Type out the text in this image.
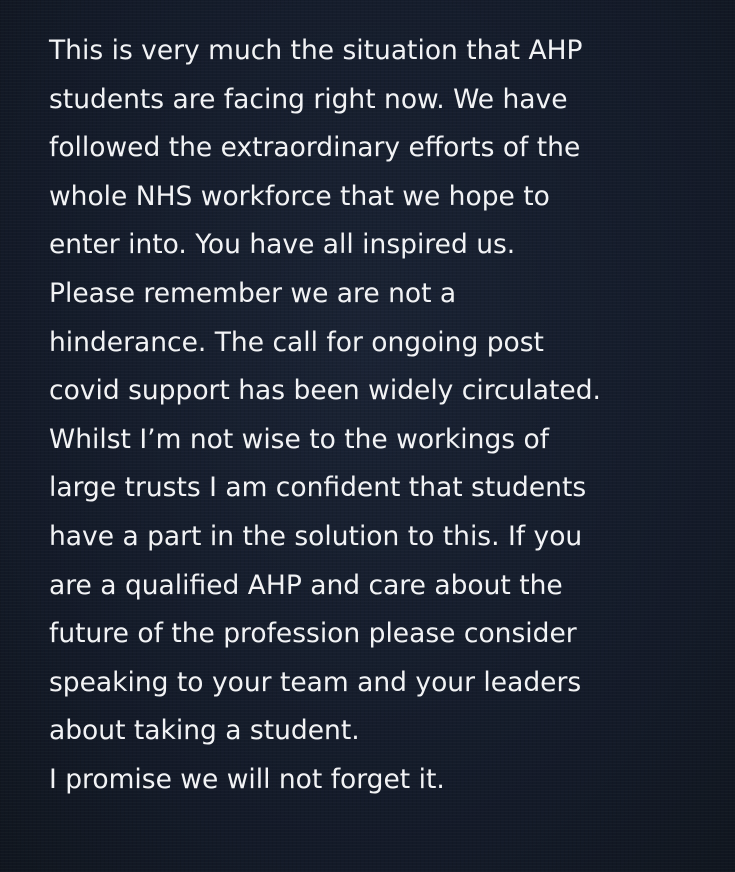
This is very much the situation that AHP
students are facing right now. We have
followed the extraordinary efforts of the
whole NHS workforce that we hope to
enter into. You have all inspired us.
Please remember we are not a
hinderance. The call for ongoing post
covid support has been widely circulated.
Whilst I’m not wise to the workings of
large trusts I am confident that students
have a part in the solution to this. If you
are a qualified AHP and care about the
future of the profession please consider
speaking to your team and your leaders
about taking a student.
I promise we will not forget it.
